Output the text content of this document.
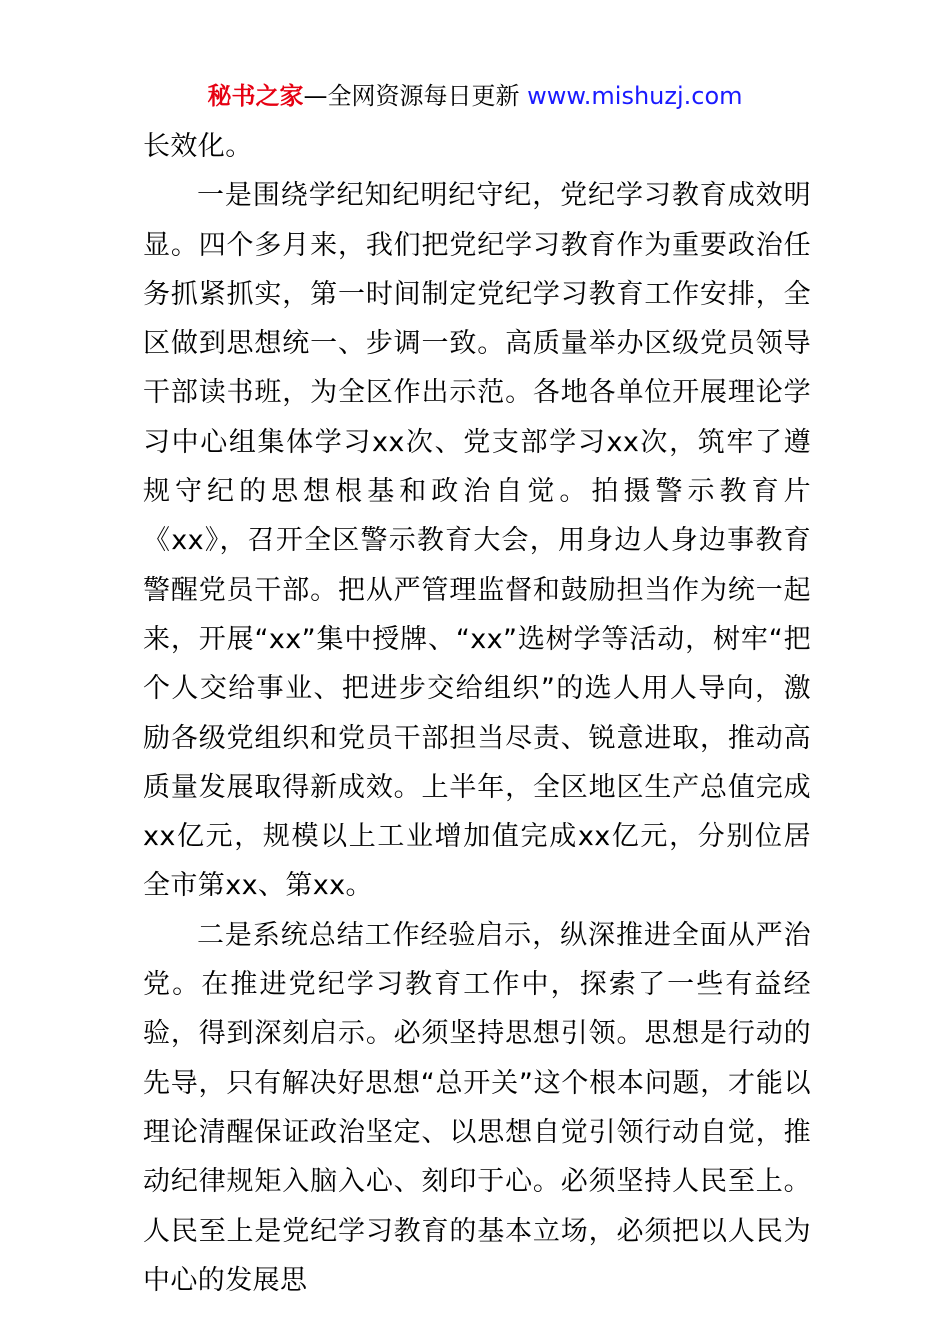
秘书之家—全网资源每日更新 www.mishuzj.com

长效化。

一是围绕学纪知纪明纪守纪，党纪学习教育成效明显。四个多月来，我们把党纪学习教育作为重要政治任务抓紧抓实，第一时间制定党纪学习教育工作安排，全区做到思想统一、步调一致。高质量举办区级党员领导干部读书班，为全区作出示范。各地各单位开展理论学习中心组集体学习xx次、党支部学习xx次，筑牢了遵规守纪的思想根基和政治自觉。拍摄警示教育片《xx》，召开全区警示教育大会，用身边人身边事教育警醒党员干部。把从严管理监督和鼓励担当作为统一起来，开展“xx”集中授牌、“xx”选树学等活动，树牢“把个人交给事业、把进步交给组织”的选人用人导向，激励各级党组织和党员干部担当尽责、锐意进取，推动高质量发展取得新成效。上半年，全区地区生产总值完成xx亿元，规模以上工业增加值完成xx亿元，分别位居全市第xx、第xx。

二是系统总结工作经验启示，纵深推进全面从严治党。在推进党纪学习教育工作中，探索了一些有益经验，得到深刻启示。必须坚持思想引领。思想是行动的先导，只有解决好思想“总开关”这个根本问题，才能以理论清醒保证政治坚定、以思想自觉引领行动自觉，推动纪律规矩入脑入心、刻印于心。必须坚持人民至上。人民至上是党纪学习教育的基本立场，必须把以人民为中心的发展思
